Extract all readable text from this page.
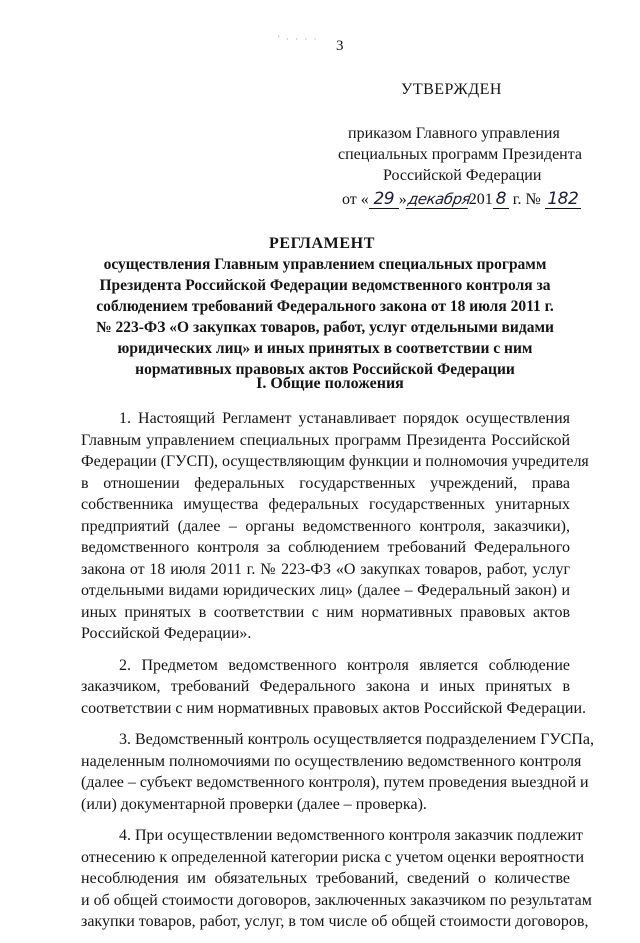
' · · · · 3
УТВЕРЖДЕН
приказом Главного управления
специальных программ Президента
Российской Федерации
от « 29 »декабря201 8 г. № 182
РЕГЛАМЕНТ
осуществления Главным управлением специальных программ
Президента Российской Федерации ведомственного контроля за
соблюдением требований Федерального закона от 18 июля 2011 г.
№ 223-ФЗ «О закупках товаров, работ, услуг отдельными видами
юридических лиц» и иных принятых в соответствии с ним
нормативных правовых актов Российской Федерации
I. Общие положения
1. Настоящий Регламент устанавливает порядок осуществления
Главным управлением специальных программ Президента Российской
Федерации (ГУСП), осуществляющим функции и полномочия учредителя
в отношении федеральных государственных учреждений, права
собственника имущества федеральных государственных унитарных
предприятий (далее – органы ведомственного контроля, заказчики),
ведомственного контроля за соблюдением требований Федерального
закона от 18 июля 2011 г. № 223-ФЗ «О закупках товаров, работ, услуг
отдельными видами юридических лиц» (далее – Федеральный закон) и
иных принятых в соответствии с ним нормативных правовых актов
Российской Федерации».
2. Предметом ведомственного контроля является соблюдение
заказчиком, требований Федерального закона и иных принятых в
соответствии с ним нормативных правовых актов Российской Федерации.
3. Ведомственный контроль осуществляется подразделением ГУСПа,
наделенным полномочиями по осуществлению ведомственного контроля
(далее – субъект ведомственного контроля), путем проведения выездной и
(или) документарной проверки (далее – проверка).
4. При осуществлении ведомственного контроля заказчик подлежит
отнесению к определенной категории риска с учетом оценки вероятности
несоблюдения им обязательных требований, сведений о количестве
и об общей стоимости договоров, заключенных заказчиком по результатам
закупки товаров, работ, услуг, в том числе об общей стоимости договоров,
